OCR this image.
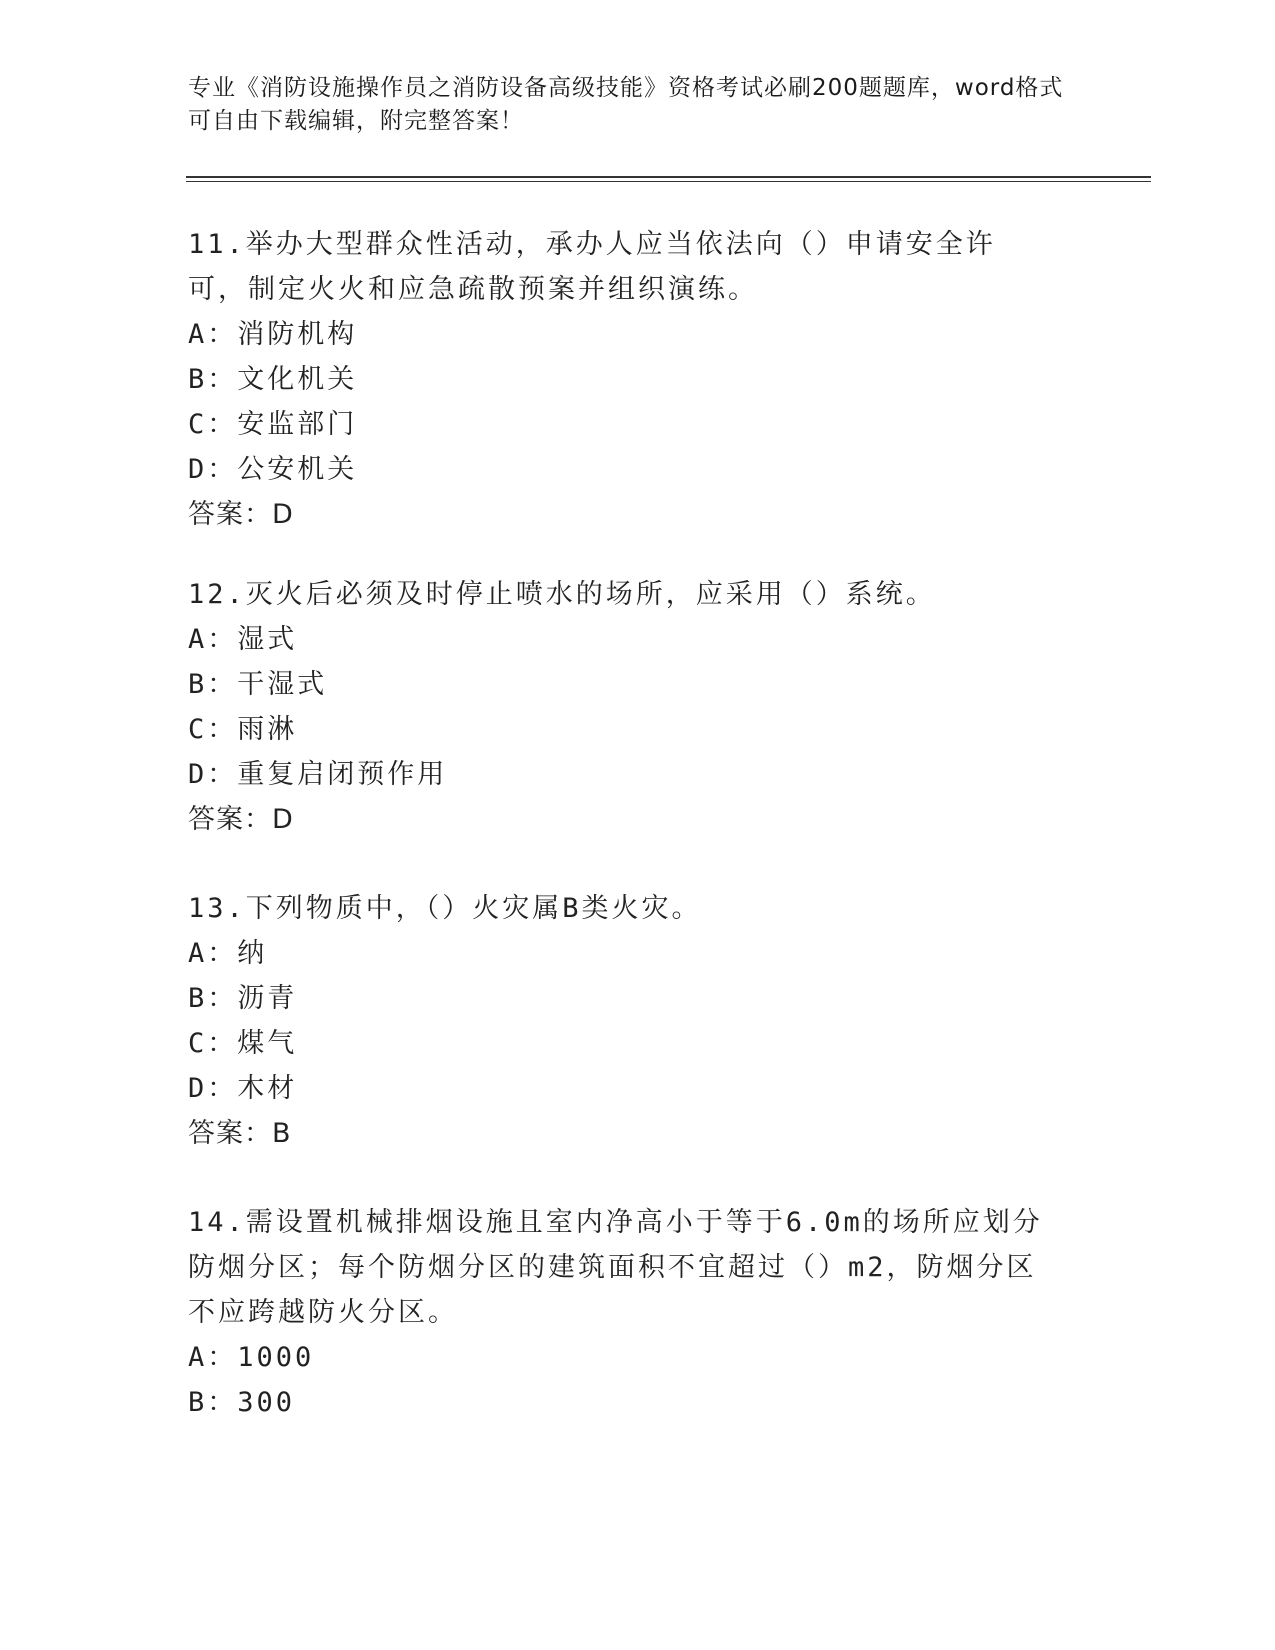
专业《消防设施操作员之消防设备高级技能》资格考试必刷200题题库，word格式可自由下载编辑，附完整答案！
11.举办大型群众性活动，承办人应当依法向（）申请安全许可，制定火火和应急疏散预案并组织演练。
A：消防机构
B：文化机关
C：安监部门
D：公安机关
答案：D
12.灭火后必须及时停止喷水的场所，应采用（）系统。
A：湿式
B：干湿式
C：雨淋
D：重复启闭预作用
答案：D
13.下列物质中，（）火灾属B类火灾。
A：纳
B：沥青
C：煤气
D：木材
答案：B
14.需设置机械排烟设施且室内净高小于等于6.0m的场所应划分防烟分区；每个防烟分区的建筑面积不宜超过（）m2，防烟分区不应跨越防火分区。
A：1000
B：300
